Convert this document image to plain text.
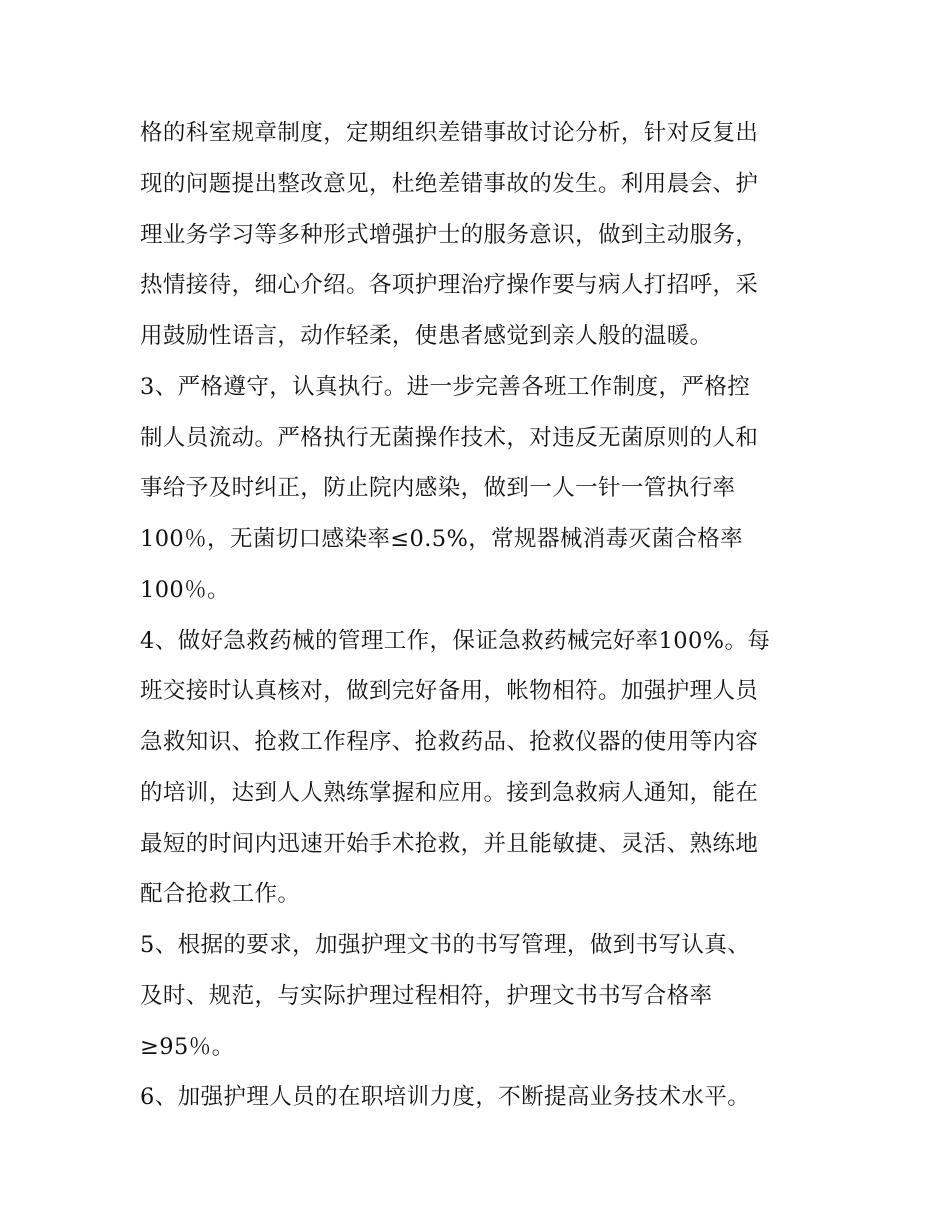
格的科室规章制度，定期组织差错事故讨论分析，针对反复出
现的问题提出整改意见，杜绝差错事故的发生。利用晨会、护
理业务学习等多种形式增强护士的服务意识，做到主动服务，
热情接待，细心介绍。各项护理治疗操作要与病人打招呼，采
用鼓励性语言，动作轻柔，使患者感觉到亲人般的温暖。
3、严格遵守，认真执行。进一步完善各班工作制度，严格控
制人员流动。严格执行无菌操作技术，对违反无菌原则的人和
事给予及时纠正，防止院内感染，做到一人一针一管执行率
100％，无菌切口感染率≤0.5%，常规器械消毒灭菌合格率
100％。
4、做好急救药械的管理工作，保证急救药械完好率100%。每
班交接时认真核对，做到完好备用，帐物相符。加强护理人员
急救知识、抢救工作程序、抢救药品、抢救仪器的使用等内容
的培训，达到人人熟练掌握和应用。接到急救病人通知，能在
最短的时间内迅速开始手术抢救，并且能敏捷、灵活、熟练地
配合抢救工作。
5、根据的要求，加强护理文书的书写管理，做到书写认真、
及时、规范，与实际护理过程相符，护理文书书写合格率
≥95％。
6、加强护理人员的在职培训力度，不断提高业务技术水平。
